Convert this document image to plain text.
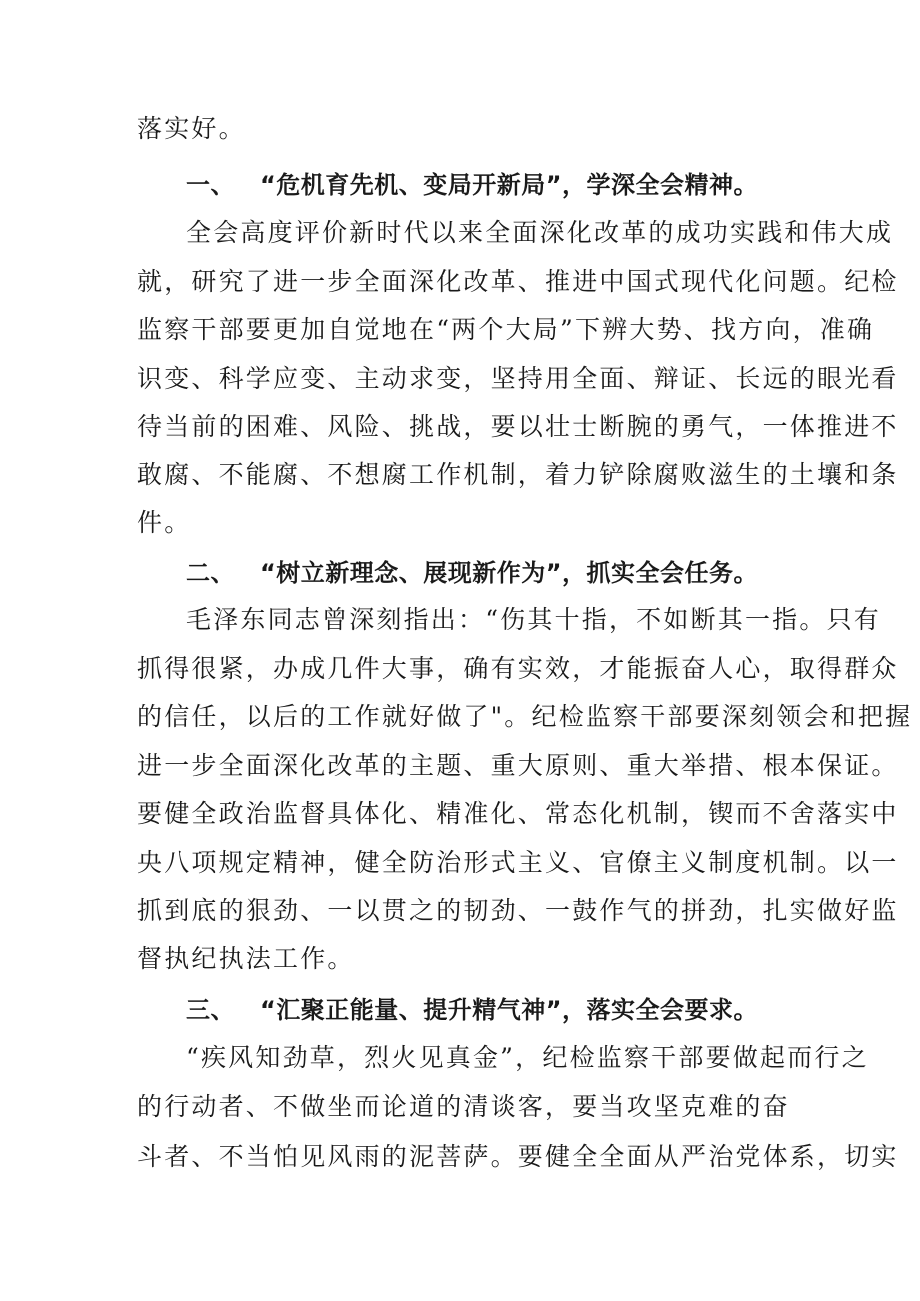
落实好。
一、 “危机育先机、变局开新局”，学深全会精神。
全会高度评价新时代以来全面深化改革的成功实践和伟大成
就，研究了进一步全面深化改革、推进中国式现代化问题。纪检
监察干部要更加自觉地在“两个大局”下辨大势、找方向，准确
识变、科学应变、主动求变，坚持用全面、辩证、长远的眼光看
待当前的困难、风险、挑战，要以壮士断腕的勇气，一体推进不
敢腐、不能腐、不想腐工作机制，着力铲除腐败滋生的土壤和条
件。
二、 “树立新理念、展现新作为”，抓实全会任务。
毛泽东同志曾深刻指出：“伤其十指，不如断其一指。只有
抓得很紧，办成几件大事，确有实效，才能振奋人心，取得群众
的信任，以后的工作就好做了"。纪检监察干部要深刻领会和把握
进一步全面深化改革的主题、重大原则、重大举措、根本保证。
要健全政治监督具体化、精准化、常态化机制，锲而不舍落实中
央八项规定精神，健全防治形式主义、官僚主义制度机制。以一
抓到底的狠劲、一以贯之的韧劲、一鼓作气的拼劲，扎实做好监
督执纪执法工作。
三、 “汇聚正能量、提升精气神”，落实全会要求。
“疾风知劲草，烈火见真金”，纪检监察干部要做起而行之
的行动者、不做坐而论道的清谈客，要当攻坚克难的奋
斗者、不当怕见风雨的泥菩萨。要健全全面从严治党体系，切实
